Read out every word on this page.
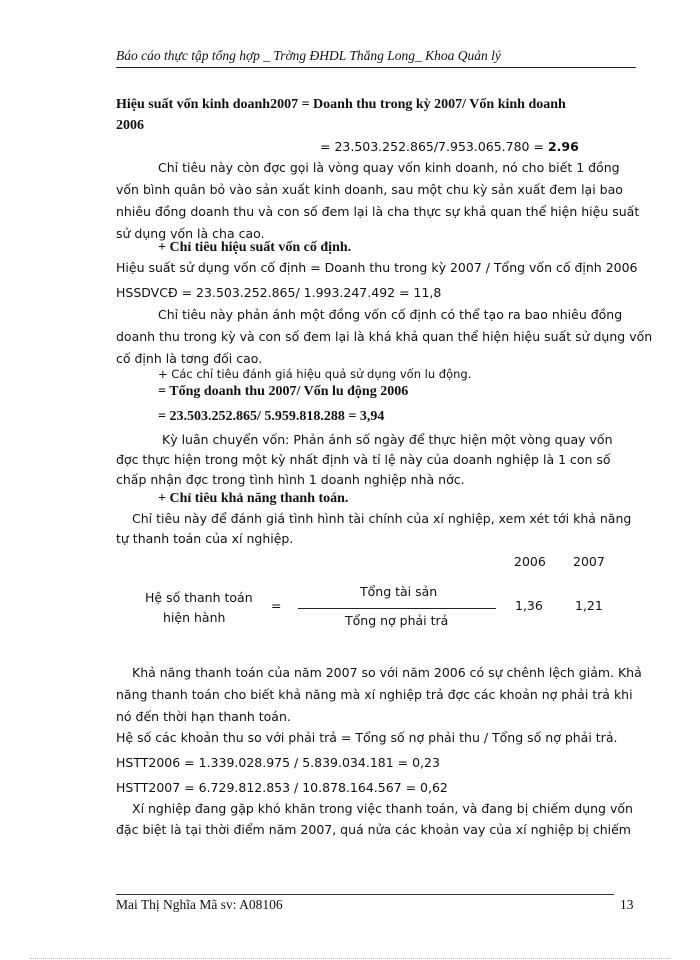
Báo cáo thực tập tổng hợp _ Trờng ĐHDL Thăng Long_ Khoa Quản lý
Hiệu suất vốn kinh doanh2007 = Doanh thu trong kỳ 2007/ Vốn kinh doanh
2006
= 23.503.252.865/7.953.065.780 = 2.96
Chỉ tiêu này còn đợc gọi là vòng quay vốn kinh doanh, nó cho biết 1 đồng
vốn bình quân bỏ vào sản xuất kinh doanh, sau một chu kỳ sản xuất đem lại bao
nhiêu đồng doanh thu và con số đem lại là cha thực sự khả quan thể hiện hiệu suất
sử dụng vốn là cha cao.
+ Chỉ tiêu hiệu suất vốn cố định.
Hiệu suất sử dụng vốn cố định = Doanh thu trong kỳ 2007 / Tổng vốn cố định 2006
HSSDVCĐ = 23.503.252.865/ 1.993.247.492 = 11,8
Chỉ tiêu này phản ánh một đồng vốn cố định có thể tạo ra bao nhiêu đồng
doanh thu trong kỳ và con số đem lại là khá khả quan thể hiện hiệu suất sử dụng vốn
cố định là tơng đối cao.
+ Các chỉ tiêu đánh giá hiệu quả sử dụng vốn lu động.
= Tổng doanh thu 2007/ Vốn lu động 2006
= 23.503.252.865/ 5.959.818.288 = 3,94
Kỳ luân chuyển vốn: Phản ánh số ngày để thực hiện một vòng quay vốn
đợc thực hiện trong một kỳ nhất định và tỉ lệ này của doanh nghiệp là 1 con số
chấp nhận đợc trong tình hình 1 doanh nghiệp nhà nớc.
+ Chỉ tiêu khả năng thanh toán.
Chỉ tiêu này để đánh giá tình hình tài chính của xí nghiệp, xem xét tới khả năng
tự thanh toán của xí nghiệp.
2006 2007
Hệ số thanh toán
hiện hành
=
Tổng tài sản
Tổng nợ phải trả
1,36	1,21
Khả năng thanh toán của năm 2007 so với năm 2006 có sự chênh lệch giảm. Khả
năng thanh toán cho biết khả năng mà xí nghiệp trả đợc các khoản nợ phải trả khi
nó đến thời hạn thanh toán.
Hệ số các khoản thu so với phải trả = Tổng số nợ phải thu / Tổng số nợ phải trả.
HSTT2006 = 1.339.028.975 / 5.839.034.181 = 0,23
HSTT2007 = 6.729.812.853 / 10.878.164.567 = 0,62
Xí nghiệp đang gặp khó khăn trong việc thanh toán, và đang bị chiếm dụng vốn
đặc biệt là tại thời điểm năm 2007, quá nửa các khoản vay của xí nghiệp bị chiếm
Mai Thị Nghĩa Mã sv: A08106	13
